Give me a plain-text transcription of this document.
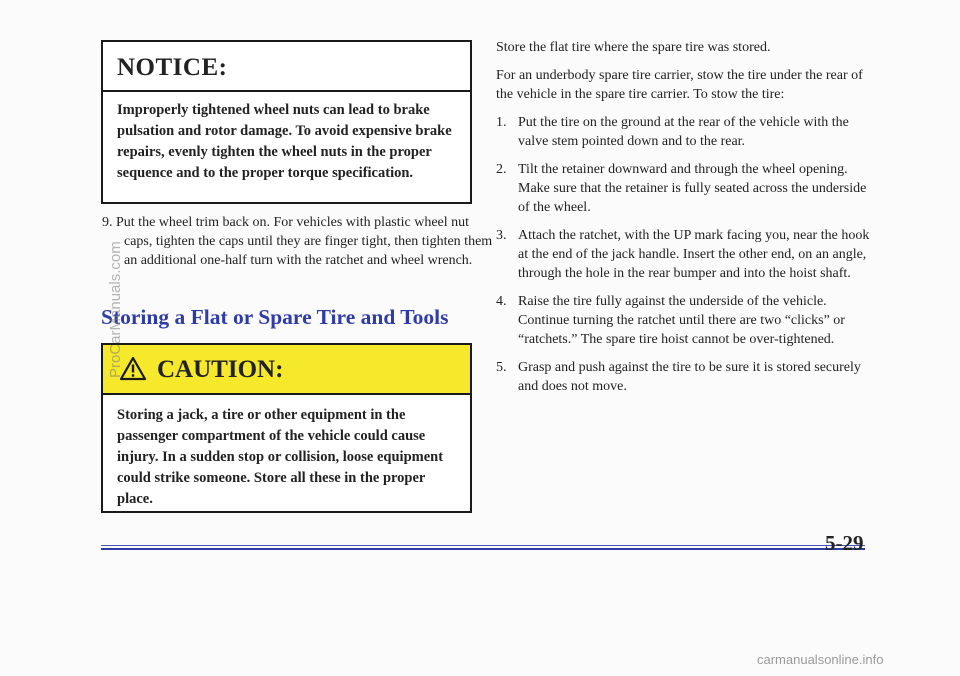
NOTICE:
Improperly tightened wheel nuts can lead to brake pulsation and rotor damage. To avoid expensive brake repairs, evenly tighten the wheel nuts in the proper sequence and to the proper torque specification.
9. Put the wheel trim back on. For vehicles with plastic wheel nut caps, tighten the caps until they are finger tight, then tighten them an additional one-half turn with the ratchet and wheel wrench.
Storing a Flat or Spare Tire and Tools
CAUTION:
Storing a jack, a tire or other equipment in the passenger compartment of the vehicle could cause injury. In a sudden stop or collision, loose equipment could strike someone. Store all these in the proper place.

Store the flat tire where the spare tire was stored.

For an underbody spare tire carrier, stow the tire under the rear of the vehicle in the spare tire carrier. To stow the tire:

1. Put the tire on the ground at the rear of the vehicle with the valve stem pointed down and to the rear.
2. Tilt the retainer downward and through the wheel opening. Make sure that the retainer is fully seated across the underside of the wheel.
3. Attach the ratchet, with the UP mark facing you, near the hook at the end of the jack handle. Insert the other end, on an angle, through the hole in the rear bumper and into the hoist shaft.
4. Raise the tire fully against the underside of the vehicle. Continue turning the ratchet until there are two “clicks” or “ratchets.” The spare tire hoist cannot be over-tightened.
5. Grasp and push against the tire to be sure it is stored securely and does not move.
5-29
ProCarManuals.com
carmanualsonline.info
